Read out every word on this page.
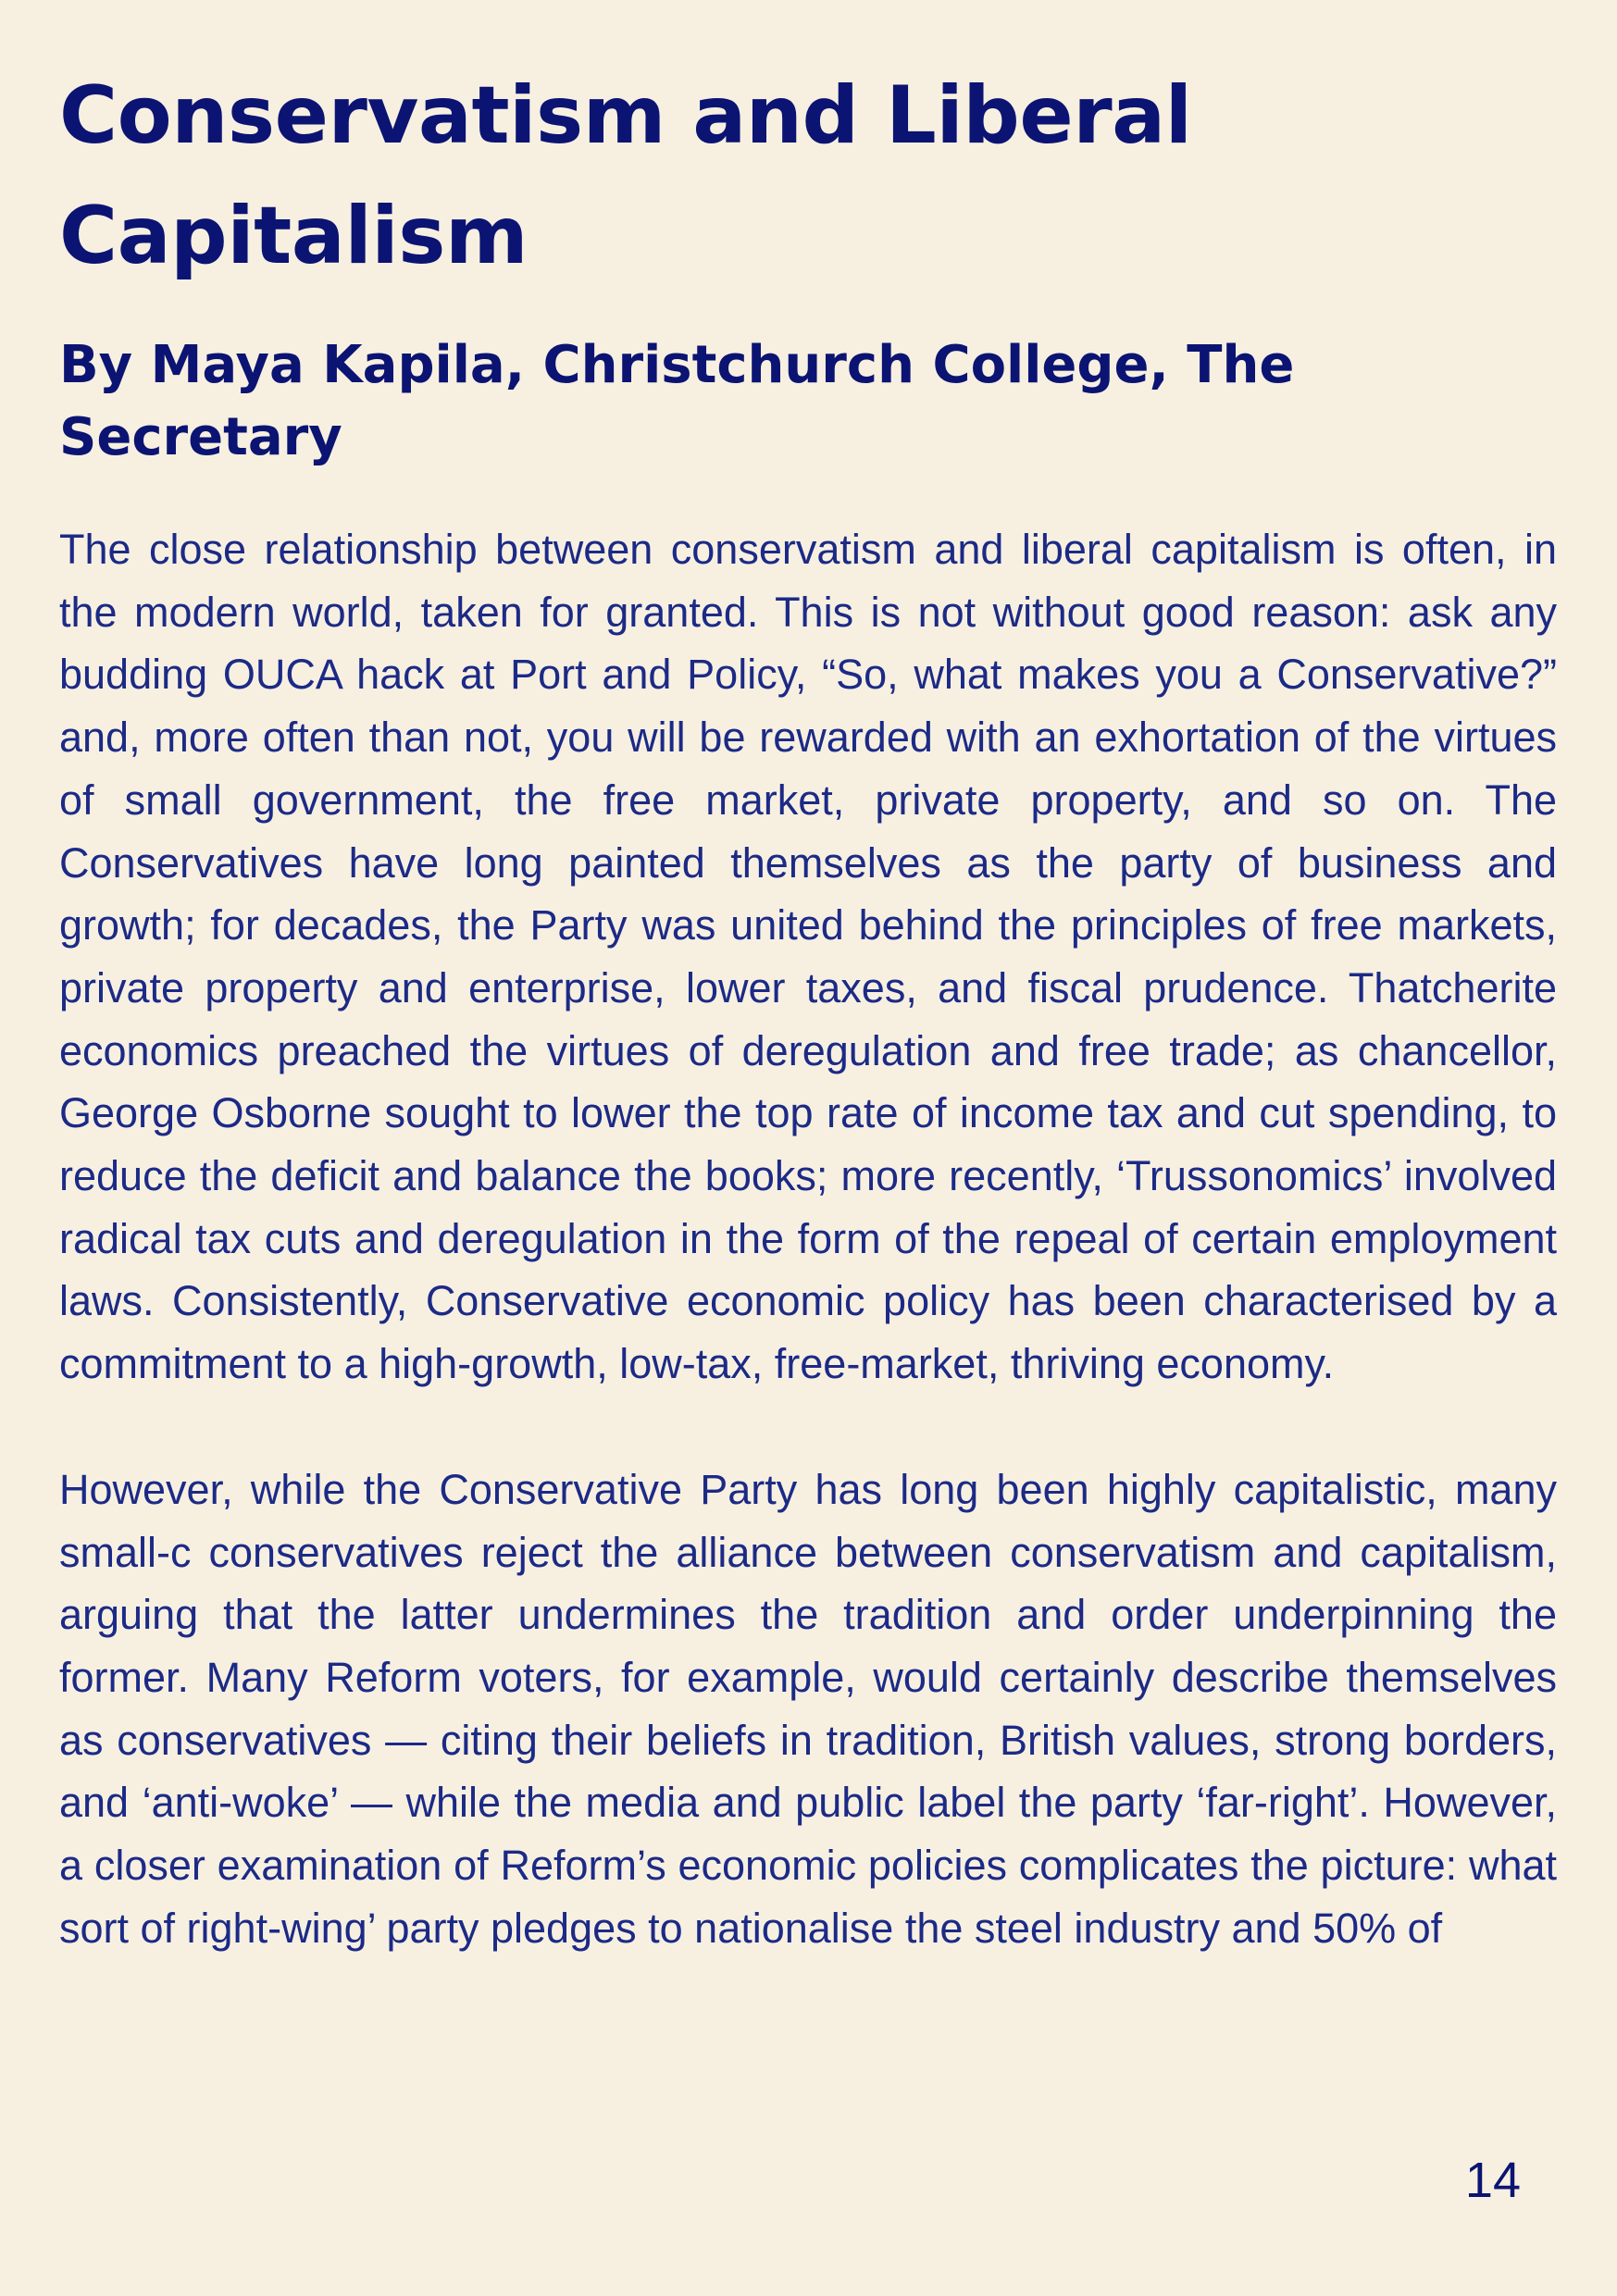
Conservatism and Liberal Capitalism
By Maya Kapila, Christchurch College, The Secretary

The close relationship between conservatism and liberal capitalism is often, in the modern world, taken for granted. This is not without good reason: ask any budding OUCA hack at Port and Policy, “So, what makes you a Conservative?” and, more often than not, you will be rewarded with an exhortation of the virtues of small government, the free market, private property, and so on. The Conservatives have long painted themselves as the party of business and growth; for decades, the Party was united behind the principles of free markets, private property and enterprise, lower taxes, and fiscal prudence. Thatcherite economics preached the virtues of deregulation and free trade; as chancellor, George Osborne sought to lower the top rate of income tax and cut spending, to reduce the deficit and balance the books; more recently, ‘Trussonomics’ involved radical tax cuts and deregulation in the form of the repeal of certain employment laws. Consistently, Conservative economic policy has been characterised by a commitment to a high-growth, low-tax, free-market, thriving economy.

However, while the Conservative Party has long been highly capitalistic, many small-c conservatives reject the alliance between conservatism and capitalism, arguing that the latter undermines the tradition and order underpinning the former. Many Reform voters, for example, would certainly describe themselves as conservatives — citing their beliefs in tradition, British values, strong borders, and ‘anti-woke’ — while the media and public label the party ‘far-right’. However, a closer examination of Reform’s economic policies complicates the picture: what sort of right-wing’ party pledges to nationalise the steel industry and 50% of

14
